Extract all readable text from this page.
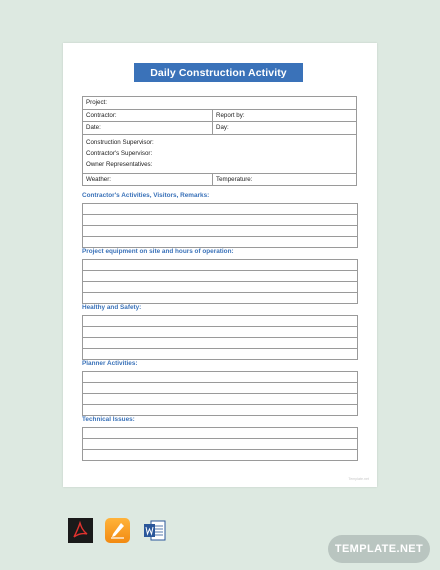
Daily Construction Activity
Project:
Contractor:	Report by:
Date:	Day:
Construction Supervisor:
Contractor's Supervisor:
Owner Representatives:
Weather:	Temperature:
Contractor's Activities, Visitors, Remarks:
Project equipment on site and hours of operation:
Healthy and Safety:
Planner Activities:
Technical Issues:
Template.net
TEMPLATE.NET
